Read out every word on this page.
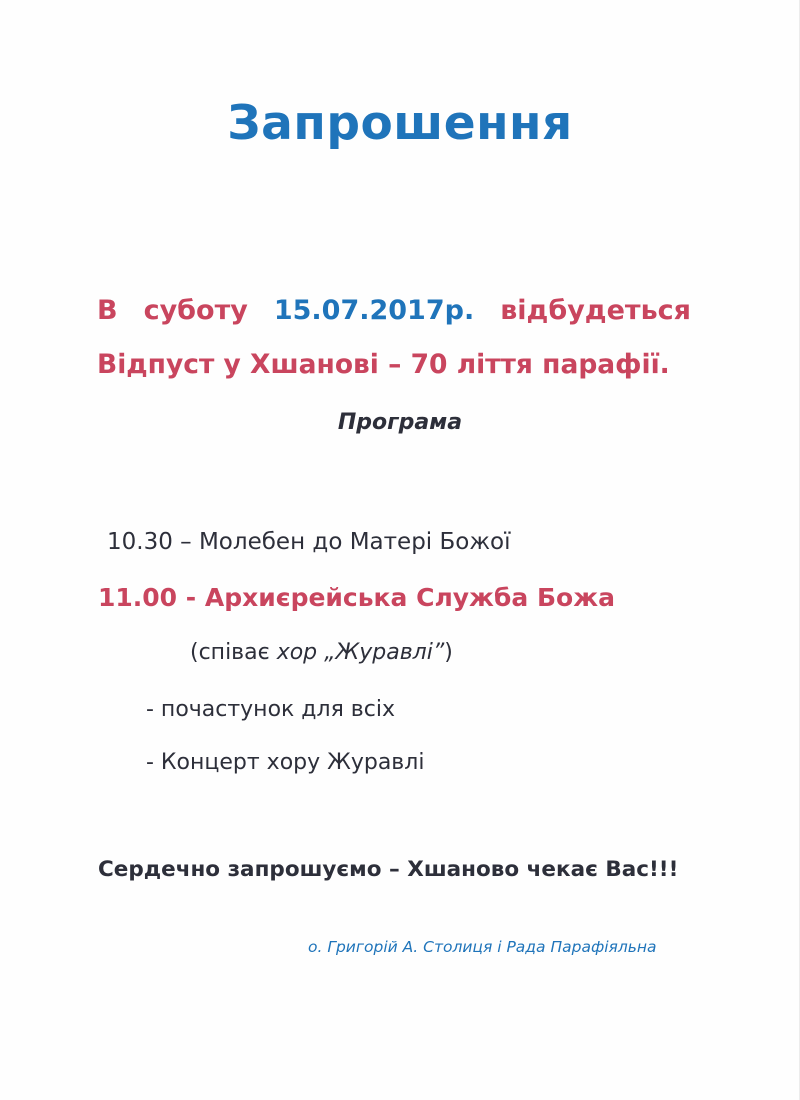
Запрошення
В суботу 15.07.2017р. відбудеться
Відпуст у Хшанові – 70 ліття парафії.
Програма
10.30 – Молебен до Матері Божої
11.00 - Архиєрейська Служба Божа
(співає хор „Журавлі”)
- почастунок для всіх
- Концерт хору Журавлі
Сердечно запрошуємо – Хшаново чекає Вас!!!
о. Григорій А. Столиця і Рада Парафіяльна
